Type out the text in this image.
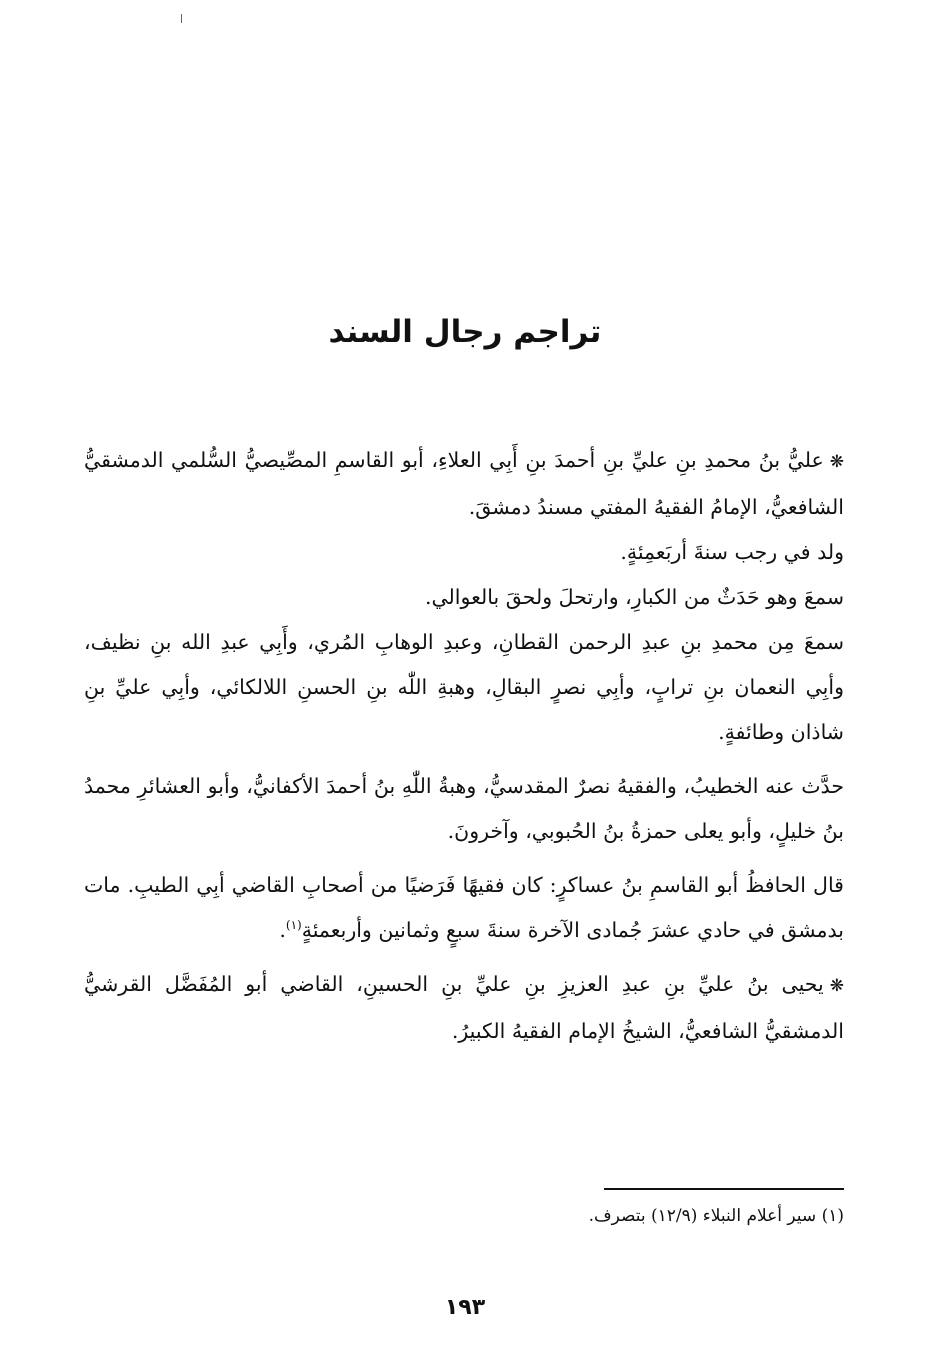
تراجم رجال السند

❋عليُّ بنُ محمدِ بنِ عليِّ بنِ أحمدَ بنِ أَبِي العلاءِ، أبو القاسمِ المصِّيصيُّ السُّلمي الدمشقيُّ الشافعيُّ، الإمامُ الفقيهُ المفتي مسندُ دمشقَ.

ولد في رجب سنةَ أربَعمِئةٍ.

سمعَ وهو حَدَثٌ من الكبارِ، وارتحلَ ولحقَ بالعوالي.

سمعَ مِن محمدِ بنِ عبدِ الرحمن القطانِ، وعبدِ الوهابِ المُري، وأَبِي عبدِ الله بنِ نظيف، وأبِي النعمان بنِ ترابٍ، وأبِي نصرٍ البقالِ، وهبةِ اللّٰه بنِ الحسنِ اللالكائي، وأبِي عليِّ بنِ شاذان وطائفةٍ.

حدَّث عنه الخطيبُ، والفقيهُ نصرٌ المقدسيُّ، وهبةُ اللّٰهِ بنُ أحمدَ الأكفانيُّ، وأبو العشائرِ محمدُ بنُ خليلٍ، وأبو يعلى حمزةُ بنُ الحُبوبي، وآخرونَ.

قال الحافظُ أبو القاسمِ بنُ عساكرٍ: كان فقيهًا فَرَضيًا من أصحابِ القاضي أبِي الطيبِ. مات بدمشق في حادي عشرَ جُمادى الآخرة سنةَ سبعٍ وثمانين وأربعمئةٍ$^{(١)}$.

❋يحيى بنُ عليِّ بنِ عبدِ العزيزِ بنِ عليِّ بنِ الحسينِ، القاضي أبو المُفَضَّل القرشيُّ الدمشقيُّ الشافعيُّ، الشيخُ الإمام الفقيهُ الكبيرُ.

(١) سير أعلام النبلاء (١٢/٩) بتصرف.

١٩٣
